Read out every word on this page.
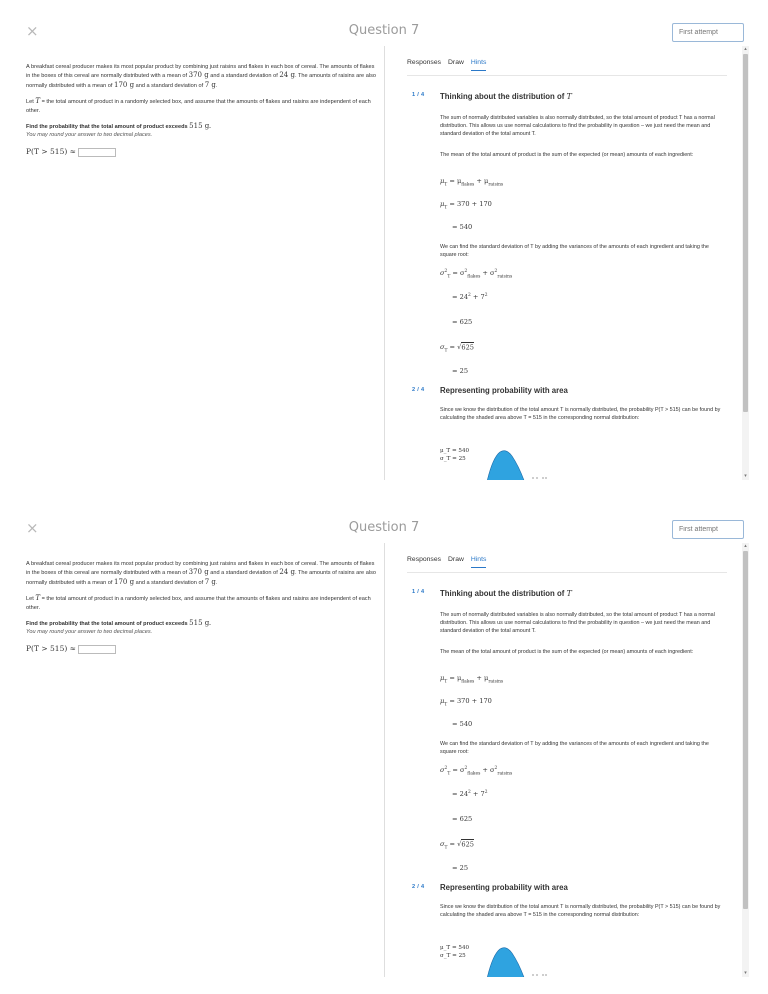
×	Question 7
First attempt

A breakfast cereal producer makes its most popular product by combining just raisins and flakes in each box of cereal. The amounts of flakes in the boxes of this cereal are normally distributed with a mean of 370 g and a standard deviation of 24 g. The amounts of raisins are also normally distributed with a mean of 170 g and a standard deviation of 7 g.

Let T = the total amount of product in a randomly selected box, and assume that the amounts of flakes and raisins are independent of each other.

Find the probability that the total amount of product exceeds 515 g.

You may round your answer to two decimal places.

P(T > 515) ≈
Responses Draw Hints
1 / 4 Thinking about the distribution of T
The sum of normally distributed variables is also normally distributed, so the total amount of product T has a normal distribution. This allows us use normal calculations to find the probability in question – we just need the mean and standard deviation of the total amount T.
The mean of the total amount of product is the sum of the expected (or mean) amounts of each ingredient:
$\mu_T = \mu_{flakes} + \mu_{raisins}$
$\mu_T = 370 + 170$
= 540
We can find the standard deviation of T by adding the variances of the amounts of each ingredient and taking the square root:
$\sigma^2_T = \sigma^2_{flakes} + \sigma^2_{raisins}$
= $24^2 + 7^2$
= 625
$\sigma_T = √625$
= 25
2 / 4 Representing probability with area
Since we know the distribution of the total amount T is normally distributed, the probability P(T > 515) can be found by calculating the shaded area above T = 515 in the corresponding normal distribution:
μ_T = 540
σ_T = 25
▴
▾
×	Question 7
First attempt

A breakfast cereal producer makes its most popular product by combining just raisins and flakes in each box of cereal. The amounts of flakes in the boxes of this cereal are normally distributed with a mean of 370 g and a standard deviation of 24 g. The amounts of raisins are also normally distributed with a mean of 170 g and a standard deviation of 7 g.

Let T = the total amount of product in a randomly selected box, and assume that the amounts of flakes and raisins are independent of each other.

Find the probability that the total amount of product exceeds 515 g.

You may round your answer to two decimal places.

P(T > 515) ≈
Responses Draw Hints
1 / 4 Thinking about the distribution of T
The sum of normally distributed variables is also normally distributed, so the total amount of product T has a normal distribution. This allows us use normal calculations to find the probability in question – we just need the mean and standard deviation of the total amount T.
The mean of the total amount of product is the sum of the expected (or mean) amounts of each ingredient:
$\mu_T = \mu_{flakes} + \mu_{raisins}$
$\mu_T = 370 + 170$
= 540
We can find the standard deviation of T by adding the variances of the amounts of each ingredient and taking the square root:
$\sigma^2_T = \sigma^2_{flakes} + \sigma^2_{raisins}$
= $24^2 + 7^2$
= 625
$\sigma_T = √625$
= 25
2 / 4 Representing probability with area
Since we know the distribution of the total amount T is normally distributed, the probability P(T > 515) can be found by calculating the shaded area above T = 515 in the corresponding normal distribution:
μ_T = 540
σ_T = 25
▴
▾
